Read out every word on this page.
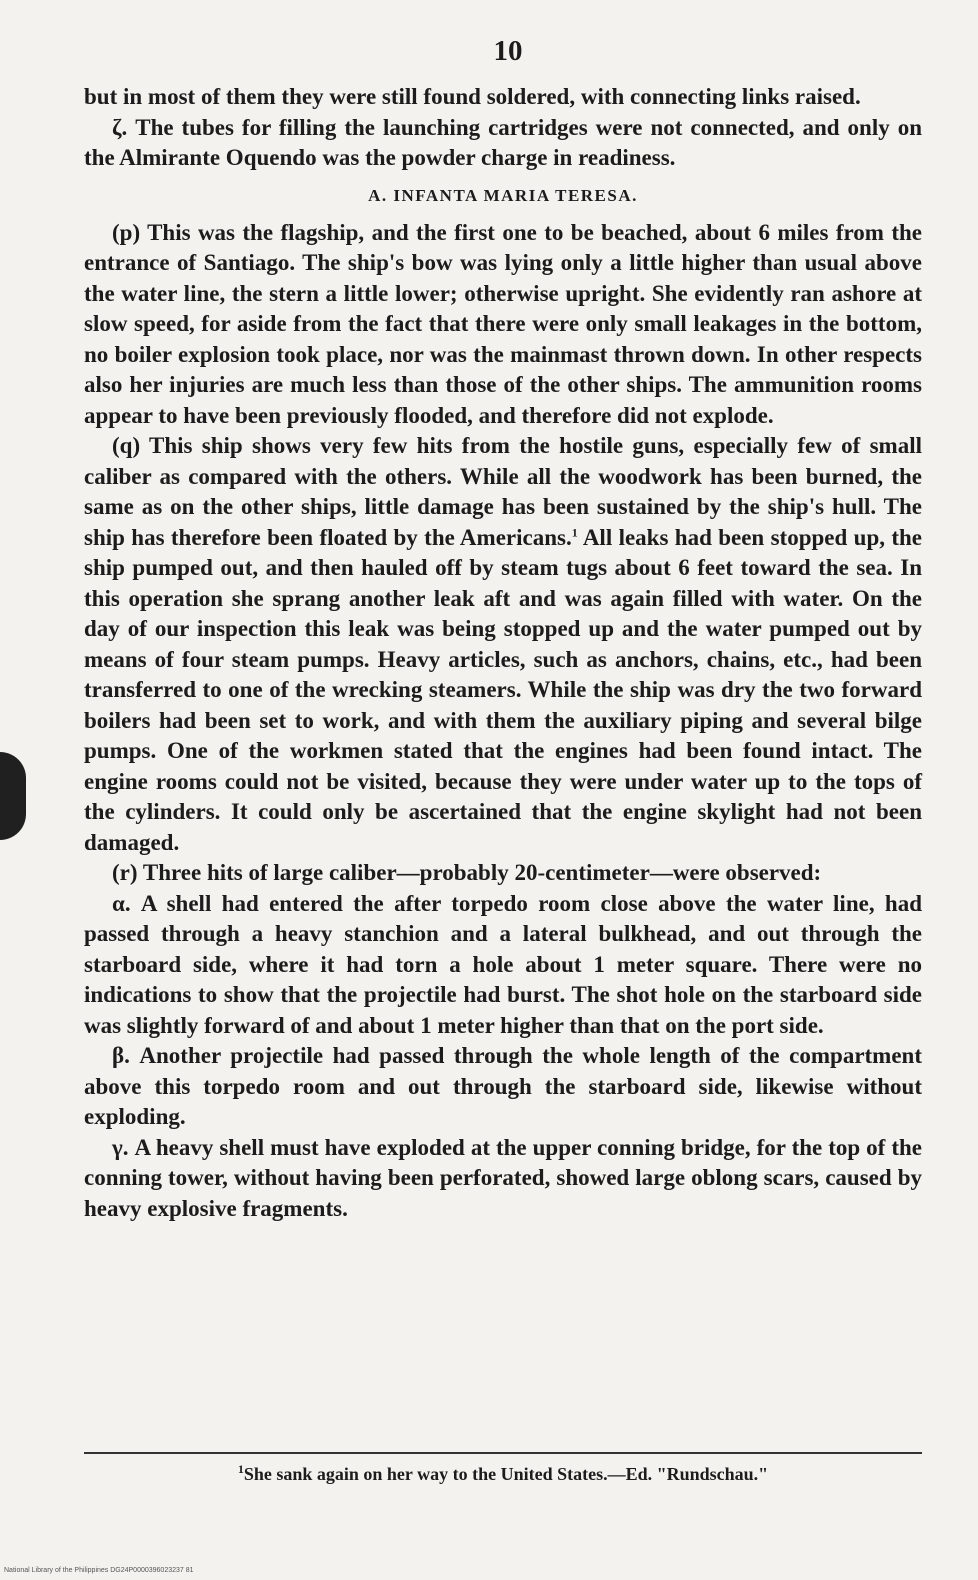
10

but in most of them they were still found soldered, with connecting links raised.

ζ. The tubes for filling the launching cartridges were not connected, and only on the Almirante Oquendo was the powder charge in readiness.

A. INFANTA MARIA TERESA.

(p) This was the flagship, and the first one to be beached, about 6 miles from the entrance of Santiago. The ship's bow was lying only a little higher than usual above the water line, the stern a little lower; otherwise upright. She evidently ran ashore at slow speed, for aside from the fact that there were only small leakages in the bottom, no boiler explosion took place, nor was the mainmast thrown down. In other respects also her injuries are much less than those of the other ships. The ammunition rooms appear to have been previously flooded, and therefore did not explode.

(q) This ship shows very few hits from the hostile guns, especially few of small caliber as compared with the others. While all the woodwork has been burned, the same as on the other ships, little damage has been sustained by the ship's hull. The ship has therefore been floated by the Americans.$^1$ All leaks had been stopped up, the ship pumped out, and then hauled off by steam tugs about 6 feet toward the sea. In this operation she sprang another leak aft and was again filled with water. On the day of our inspection this leak was being stopped up and the water pumped out by means of four steam pumps. Heavy articles, such as anchors, chains, etc., had been transferred to one of the wrecking steamers. While the ship was dry the two forward boilers had been set to work, and with them the auxiliary piping and several bilge pumps. One of the workmen stated that the engines had been found intact. The engine rooms could not be visited, because they were under water up to the tops of the cylinders. It could only be ascertained that the engine skylight had not been damaged.

(r) Three hits of large caliber—probably 20-centimeter—were observed:

α. A shell had entered the after torpedo room close above the water line, had passed through a heavy stanchion and a lateral bulkhead, and out through the starboard side, where it had torn a hole about 1 meter square. There were no indications to show that the projectile had burst. The shot hole on the starboard side was slightly forward of and about 1 meter higher than that on the port side.

β. Another projectile had passed through the whole length of the compartment above this torpedo room and out through the starboard side, likewise without exploding.

γ. A heavy shell must have exploded at the upper conning bridge, for the top of the conning tower, without having been perforated, showed large oblong scars, caused by heavy explosive fragments.

$^1$She sank again on her way to the United States.—Ed. "Rundschau."
National Library of the Philippines DG24P0000396023237 81
